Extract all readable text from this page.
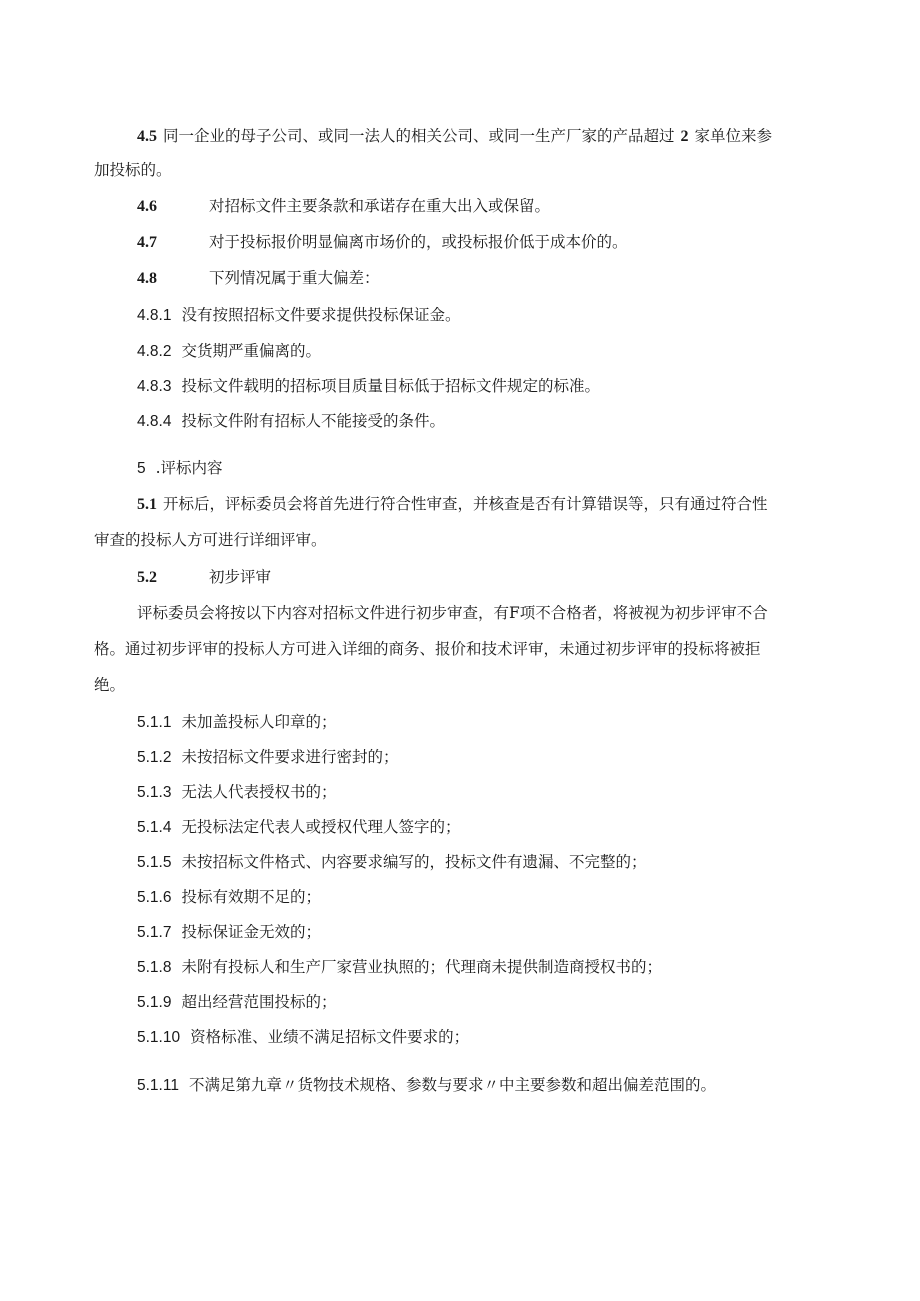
4.5 同一企业的母子公司、或同一法人的相关公司、或同一生产厂家的产品超过 2 家单位来参
加投标的。
4.6	对招标文件主要条款和承诺存在重大出入或保留。
4.7	对于投标报价明显偏离市场价的，或投标报价低于成本价的。
4.8	下列情况属于重大偏差：
4.8.1 没有按照招标文件要求提供投标保证金。
4.8.2 交货期严重偏离的。
4.8.3 投标文件载明的招标项目质量目标低于招标文件规定的标准。
4.8.4 投标文件附有招标人不能接受的条件。
5 .评标内容
5.1 开标后，评标委员会将首先进行符合性审查，并核查是否有计算错误等，只有通过符合性
审查的投标人方可进行详细评审。
5.2	初步评审
评标委员会将按以下内容对招标文件进行初步审查，有F项不合格者，将被视为初步评审不合
格。通过初步评审的投标人方可进入详细的商务、报价和技术评审，未通过初步评审的投标将被拒
绝。
5.1.1 未加盖投标人印章的；
5.1.2 未按招标文件要求进行密封的；
5.1.3 无法人代表授权书的；
5.1.4 无投标法定代表人或授权代理人签字的；
5.1.5 未按招标文件格式、内容要求编写的，投标文件有遗漏、不完整的；
5.1.6 投标有效期不足的；
5.1.7 投标保证金无效的；
5.1.8 未附有投标人和生产厂家营业执照的；代理商未提供制造商授权书的；
5.1.9 超出经营范围投标的；
5.1.10 资格标准、业绩不满足招标文件要求的；
5.1.11 不满足第九章〃货物技术规格、参数与要求〃中主要参数和超出偏差范围的。
